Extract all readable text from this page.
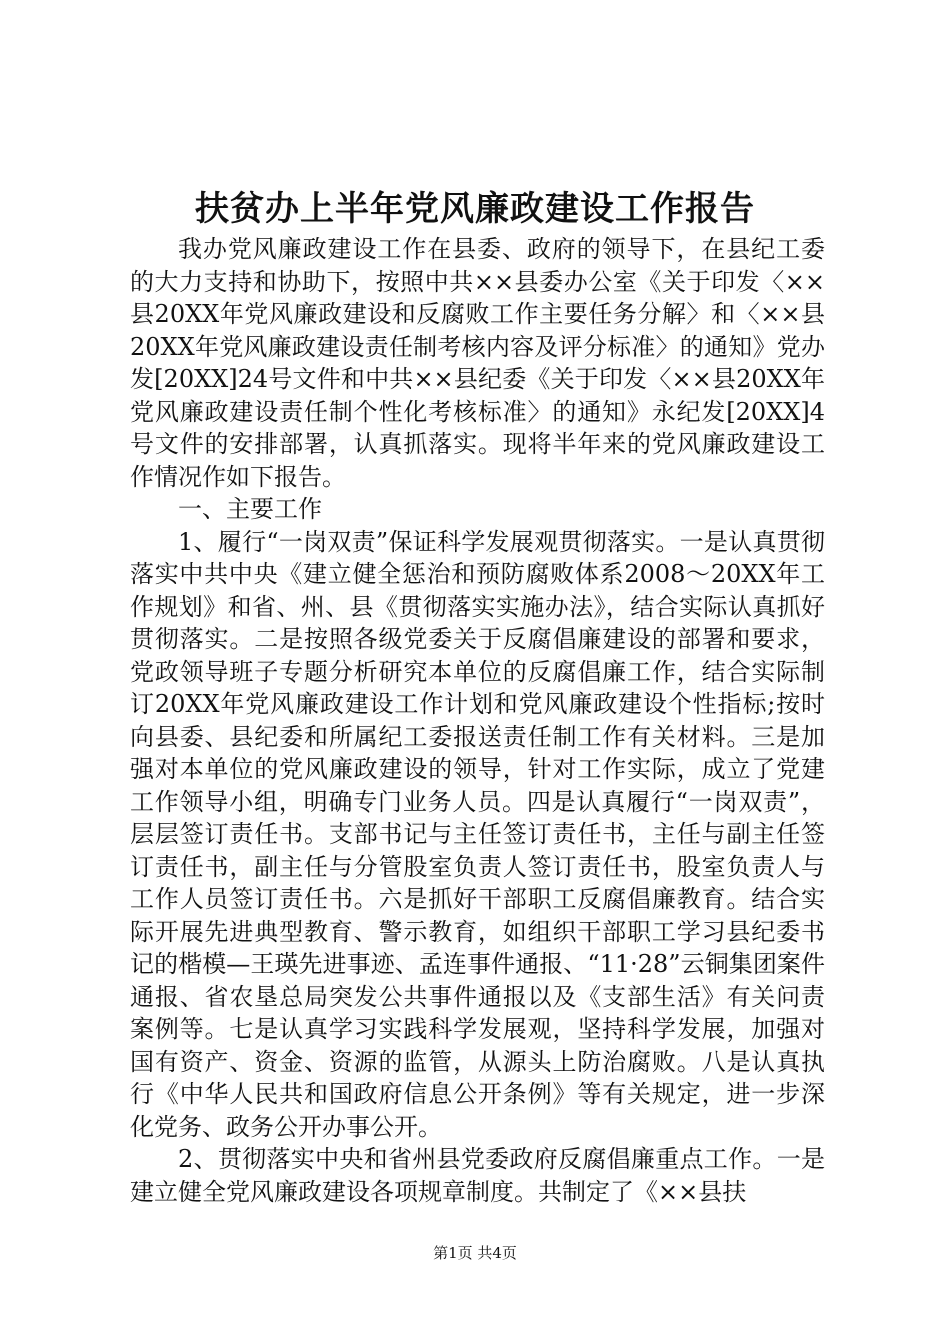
扶贫办上半年党风廉政建设工作报告

我办党风廉政建设工作在县委、政府的领导下，在县纪工委的大力支持和协助下，按照中共××县委办公室《关于印发〈××县20XX年党风廉政建设和反腐败工作主要任务分解〉和〈××县20XX年党风廉政建设责任制考核内容及评分标准〉的通知》党办发[20XX]24号文件和中共××县纪委《关于印发〈××县20XX年党风廉政建设责任制个性化考核标准〉的通知》永纪发[20XX]4号文件的安排部署，认真抓落实。现将半年来的党风廉政建设工作情况作如下报告。

一、主要工作

1、履行“一岗双责”保证科学发展观贯彻落实。一是认真贯彻落实中共中央《建立健全惩治和预防腐败体系2008～20XX年工作规划》和省、州、县《贯彻落实实施办法》，结合实际认真抓好贯彻落实。二是按照各级党委关于反腐倡廉建设的部署和要求，党政领导班子专题分析研究本单位的反腐倡廉工作，结合实际制订20XX年党风廉政建设工作计划和党风廉政建设个性指标;按时向县委、县纪委和所属纪工委报送责任制工作有关材料。三是加强对本单位的党风廉政建设的领导，针对工作实际，成立了党建工作领导小组，明确专门业务人员。四是认真履行“一岗双责”，层层签订责任书。支部书记与主任签订责任书，主任与副主任签订责任书，副主任与分管股室负责人签订责任书，股室负责人与工作人员签订责任书。六是抓好干部职工反腐倡廉教育。结合实际开展先进典型教育、警示教育，如组织干部职工学习县纪委书记的楷模—王瑛先进事迹、孟连事件通报、“11·28”云铜集团案件通报、省农垦总局突发公共事件通报以及《支部生活》有关问责案例等。七是认真学习实践科学发展观，坚持科学发展，加强对国有资产、资金、资源的监管，从源头上防治腐败。八是认真执行《中华人民共和国政府信息公开条例》等有关规定，进一步深化党务、政务公开办事公开。

2、贯彻落实中央和省州县党委政府反腐倡廉重点工作。一是建立健全党风廉政建设各项规章制度。共制定了《××县扶

第1页 共4页
